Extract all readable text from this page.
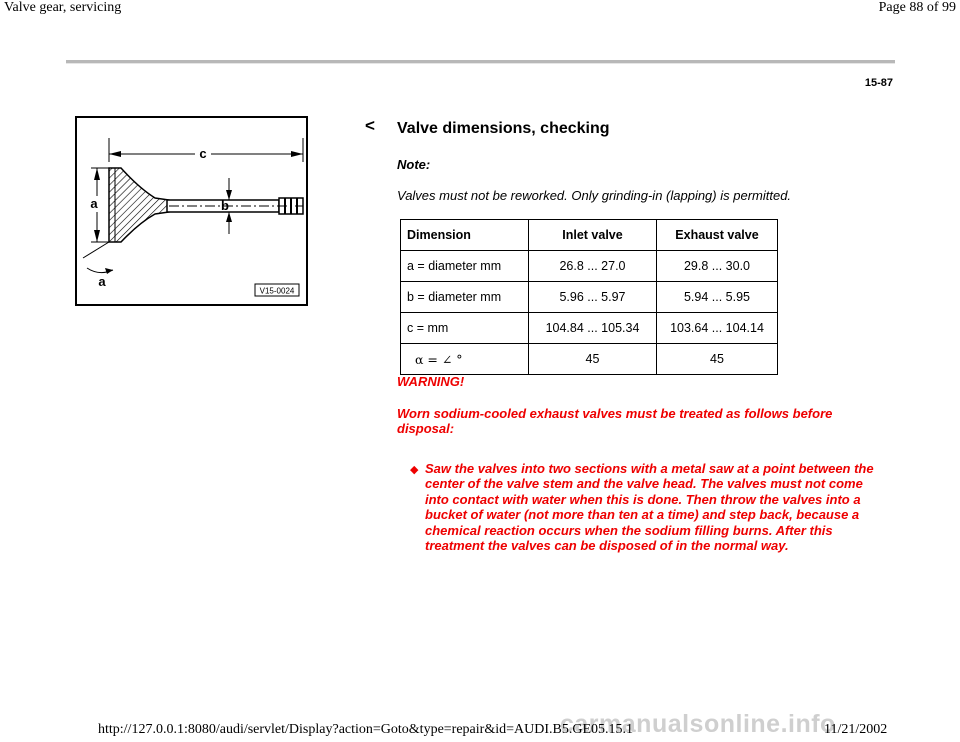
Valve gear, servicing	Page 88 of 99
15-87
c
a	b
a
V15-0024
< Valve dimensions, checking
Note:
Valves must not be reworked. Only grinding-in (lapping) is permitted.
Dimension	Inlet valve	Exhaust valve
a = diameter mm	26.8 ... 27.0	29.8 ... 30.0
b = diameter mm	5.96 ... 5.97	5.94 ... 5.95
c = mm	104.84 ... 105.34	103.64 ... 104.14
α = ∠ °	45	45
WARNING!
Worn sodium-cooled exhaust valves must be treated as follows before disposal:
◆ Saw the valves into two sections with a metal saw at a point between the center of the valve stem and the valve head. The valves must not come into contact with water when this is done. Then throw the valves into a bucket of water (not more than ten at a time) and step back, because a chemical reaction occurs when the sodium filling burns. After this treatment the valves can be disposed of in the normal way.
carmanualsonline.info
http://127.0.0.1:8080/audi/servlet/Display?action=Goto&type=repair&id=AUDI.B5.GE05.15.1	11/21/2002
